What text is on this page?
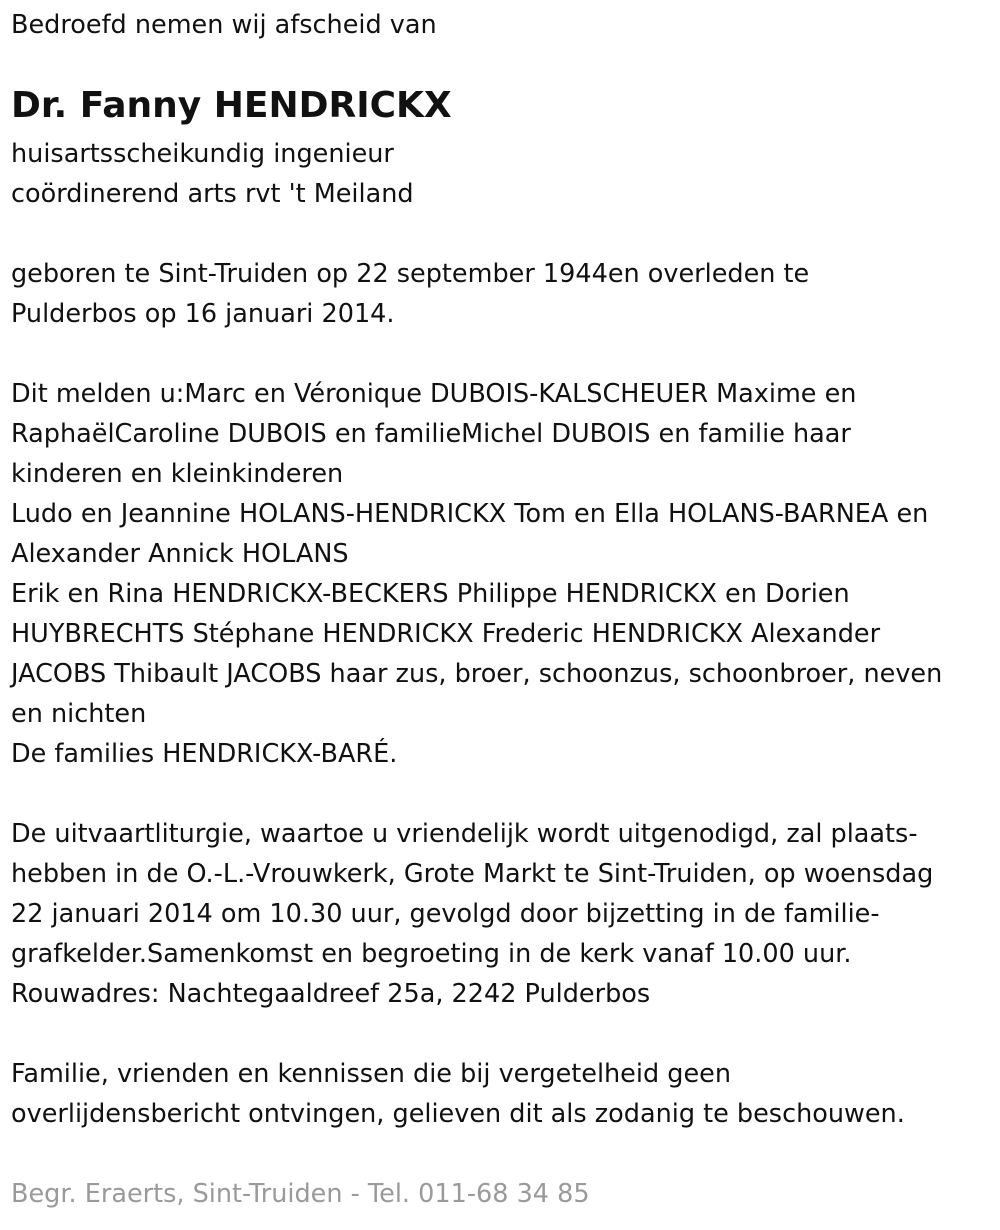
Bedroefd nemen wij afscheid van
Dr. Fanny HENDRICKX
huisartsscheikundig ingenieur
coördinerend arts rvt 't Meiland
geboren te Sint-Truiden op 22 september 1944en overleden te
Pulderbos op 16 januari 2014.
Dit melden u:Marc en Véronique DUBOIS-KALSCHEUER Maxime en
RaphaëlCaroline DUBOIS en familieMichel DUBOIS en familie haar
kinderen en kleinkinderen
Ludo en Jeannine HOLANS-HENDRICKX Tom en Ella HOLANS-BARNEA en
Alexander Annick HOLANS
Erik en Rina HENDRICKX-BECKERS Philippe HENDRICKX en Dorien
HUYBRECHTS Stéphane HENDRICKX Frederic HENDRICKX Alexander
JACOBS Thibault JACOBS haar zus, broer, schoonzus, schoonbroer, neven
en nichten
De families HENDRICKX-BARÉ.
De uitvaartliturgie, waartoe u vriendelijk wordt uitgenodigd, zal plaats-
hebben in de O.-L.-Vrouwkerk, Grote Markt te Sint-Truiden, op woensdag
22 januari 2014 om 10.30 uur, gevolgd door bijzetting in de familie-
grafkelder.Samenkomst en begroeting in de kerk vanaf 10.00 uur.
Rouwadres: Nachtegaaldreef 25a, 2242 Pulderbos
Familie, vrienden en kennissen die bij vergetelheid geen
overlijdensbericht ontvingen, gelieven dit als zodanig te beschouwen.
Begr. Eraerts, Sint-Truiden - Tel. 011-68 34 85
